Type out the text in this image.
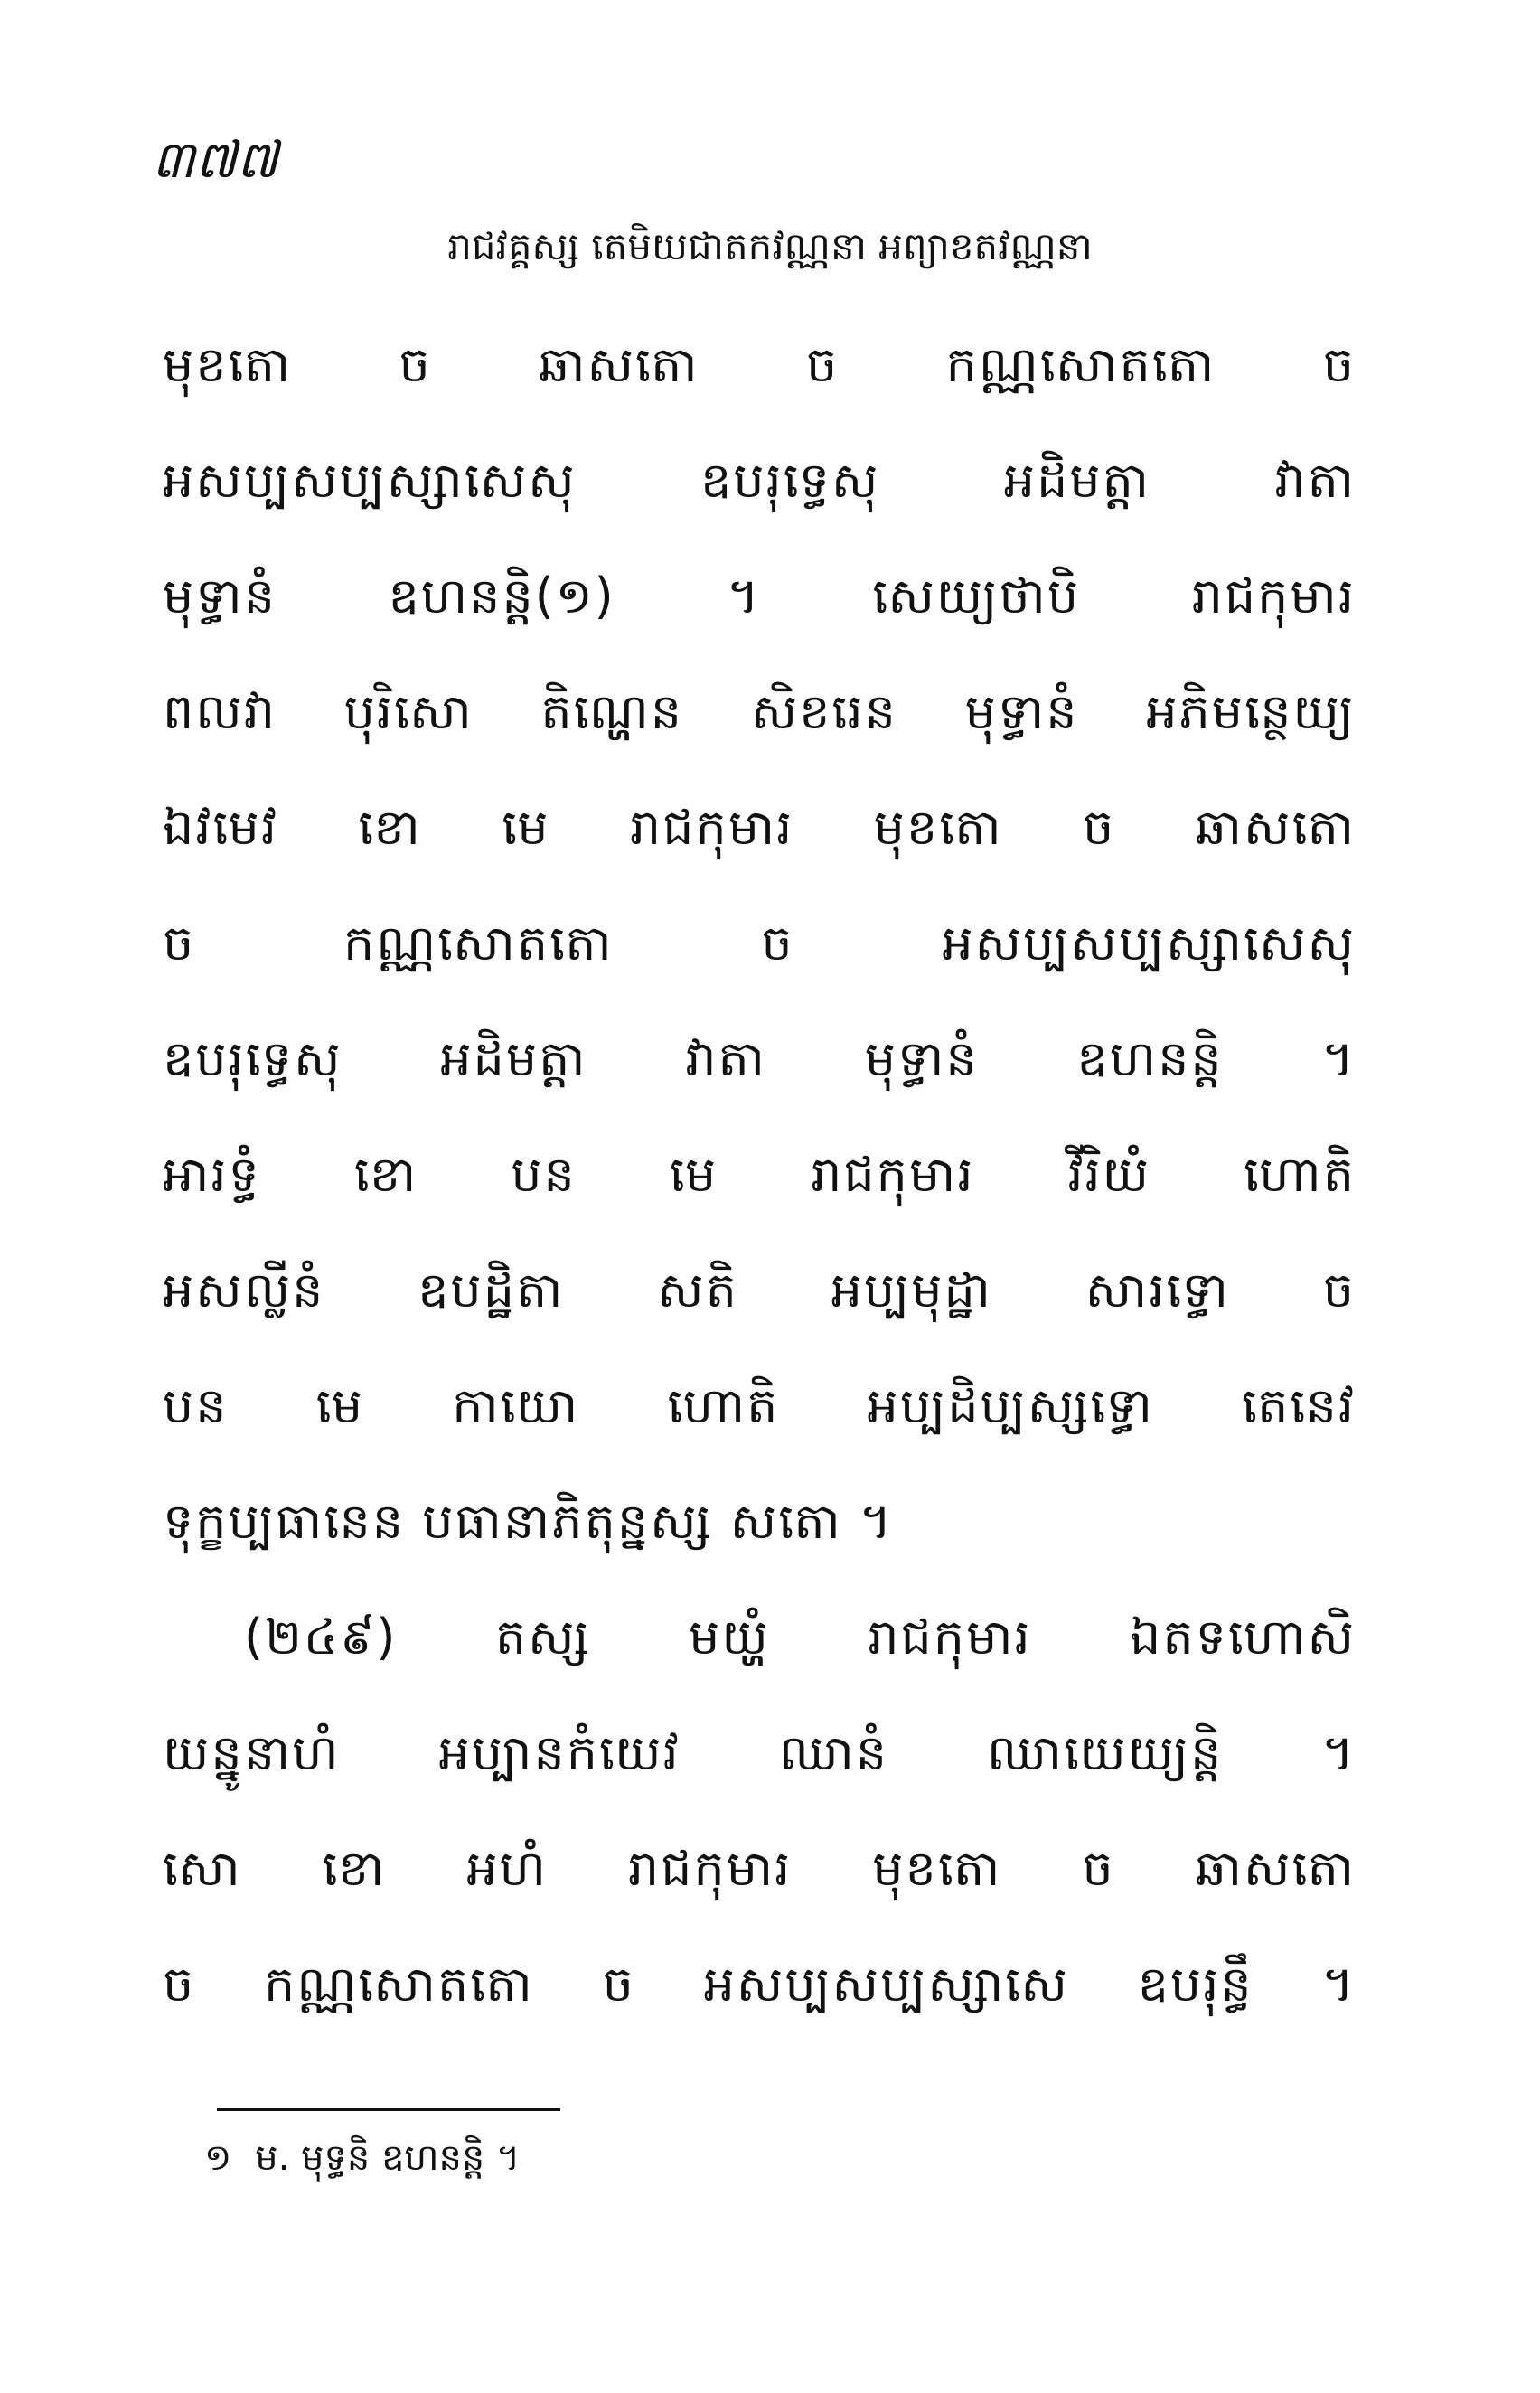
៣៧៧
រាជវគ្គស្ស តេមិយជាតកវណ្ណនា អព្យាខតវណ្ណនា
មុខតោ ច ឆាសតោ ច កណ្ណសោតតោ ច
អសប្បសប្បស្សាសេសុ ឧបរុទ្ធេសុ អដិមត្តា វាតា
មុទ្ធានំ ឧហនន្តិ(១) ។ សេយ្យថាបិ រាជកុមារ
ពលវា បុរិសោ តិណ្ហេន សិខរេន មុទ្ធានំ អភិមន្ថេយ្យ
ឯវមេវ ខោ មេ រាជកុមារ មុខតោ ច ឆាសតោ
ច កណ្ណសោតតោ ច អសប្បសប្បស្សាសេសុ
ឧបរុទ្ធេសុ អដិមត្តា វាតា មុទ្ធានំ ឧហនន្តិ ។
អារទ្ធំ ខោ បន មេ រាជកុមារ វីរិយំ ហោតិ
អសល្លីនំ ឧបដ្ឋិតា សតិ អប្បមុដ្ឋា សារទ្ធោ ច
បន មេ កាយោ ហោតិ អប្បដិប្បស្សទ្ធោ តេនេវ
ទុក្ខប្បធានេន បធានាភិតុន្នស្ស សតោ ។
(២៤៩) តស្ស មយ្ហំ រាជកុមារ ឯតទហោសិ
យន្នូនាហំ អប្បានកំយេវ ឈានំ ឈាយេយ្យន្តិ ។
សោ ខោ អហំ រាជកុមារ មុខតោ ច ឆាសតោ
ច កណ្ណសោតតោ ច អសប្បសប្បស្សាសេ ឧបរុន្ធឹ ។
១ ម. មុទ្ធនិ ឧហនន្តិ ។
